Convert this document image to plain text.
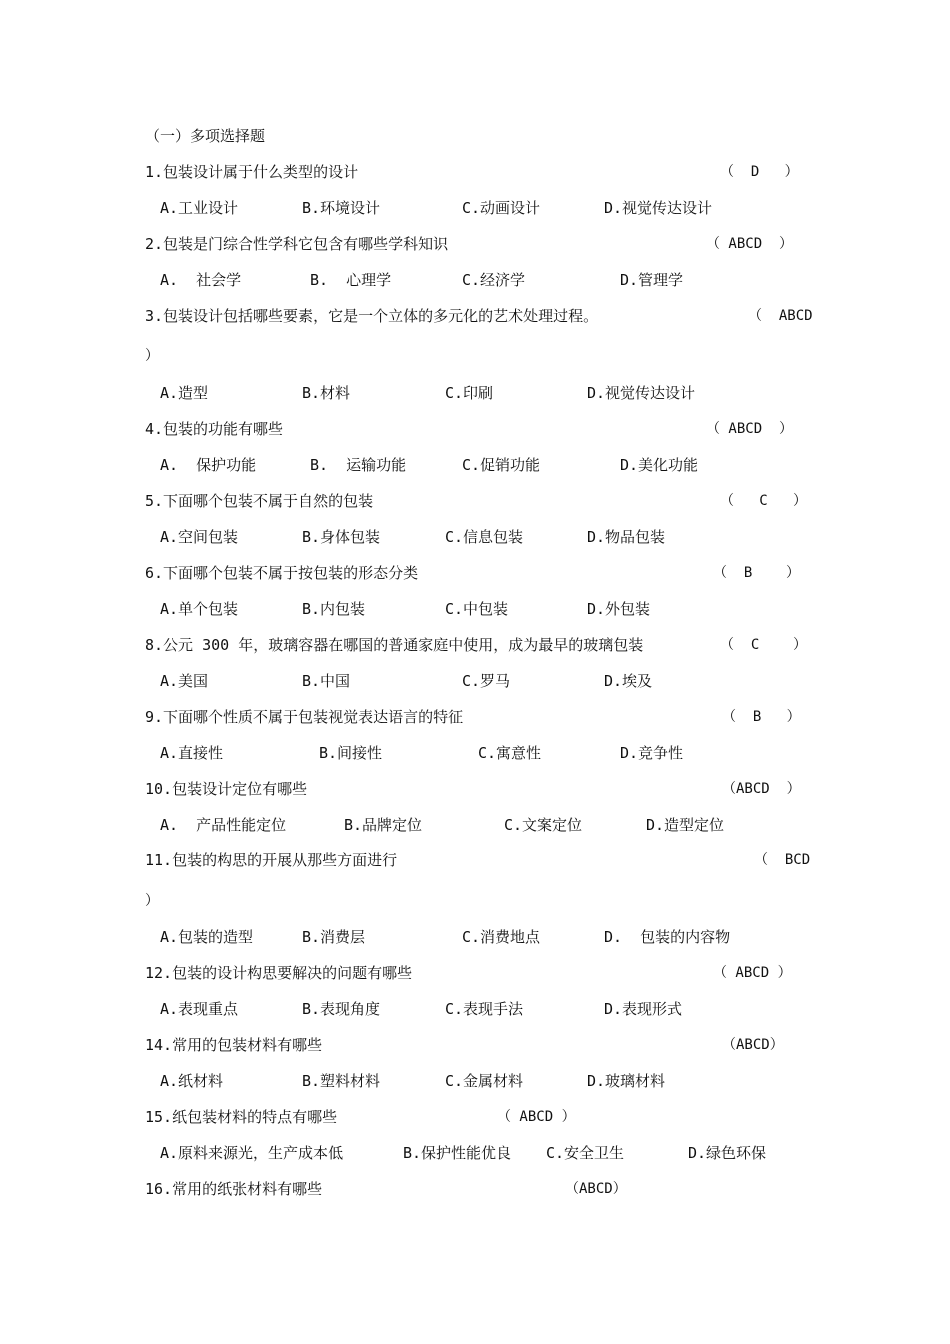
（一）多项选择题
1.包装设计属于什么类型的设计	（  D   ）
A.工业设计	B.环境设计	C.动画设计	D.视觉传达设计
2.包装是门综合性学科它包含有哪些学科知识	（ ABCD  ）
A.  社会学	B.  心理学	C.经济学	D.管理学
3.包装设计包括哪些要素，它是一个立体的多元化的艺术处理过程。	（  ABCD
）
A.造型	B.材料	C.印刷	D.视觉传达设计
4.包装的功能有哪些	（ ABCD  ）
A.  保护功能	B.  运输功能	C.促销功能	D.美化功能
5.下面哪个包装不属于自然的包装	（   C   ）
A.空间包装	B.身体包装	C.信息包装	D.物品包装
6.下面哪个包装不属于按包装的形态分类	（  B    ）
A.单个包装	B.内包装	C.中包装	D.外包装
8.公元 300 年，玻璃容器在哪国的普通家庭中使用，成为最早的玻璃包装	（  C    ）
A.美国	B.中国	C.罗马	D.埃及
9.下面哪个性质不属于包装视觉表达语言的特征	（  B   ）
A.直接性	B.间接性	C.寓意性	D.竞争性
10.包装设计定位有哪些	（ABCD  ）
A.  产品性能定位	B.品牌定位	C.文案定位	D.造型定位
11.包装的构思的开展从那些方面进行	（  BCD
）
A.包装的造型	B.消费层	C.消费地点	D.  包装的内容物
12.包装的设计构思要解决的问题有哪些	（ ABCD ）
A.表现重点	B.表现角度	C.表现手法	D.表现形式
14.常用的包装材料有哪些	（ABCD）
A.纸材料	B.塑料材料	C.金属材料	D.玻璃材料
15.纸包装材料的特点有哪些	（ ABCD ）
A.原料来源光，生产成本低	B.保护性能优良 C.安全卫生	D.绿色环保
16.常用的纸张材料有哪些	（ABCD）
